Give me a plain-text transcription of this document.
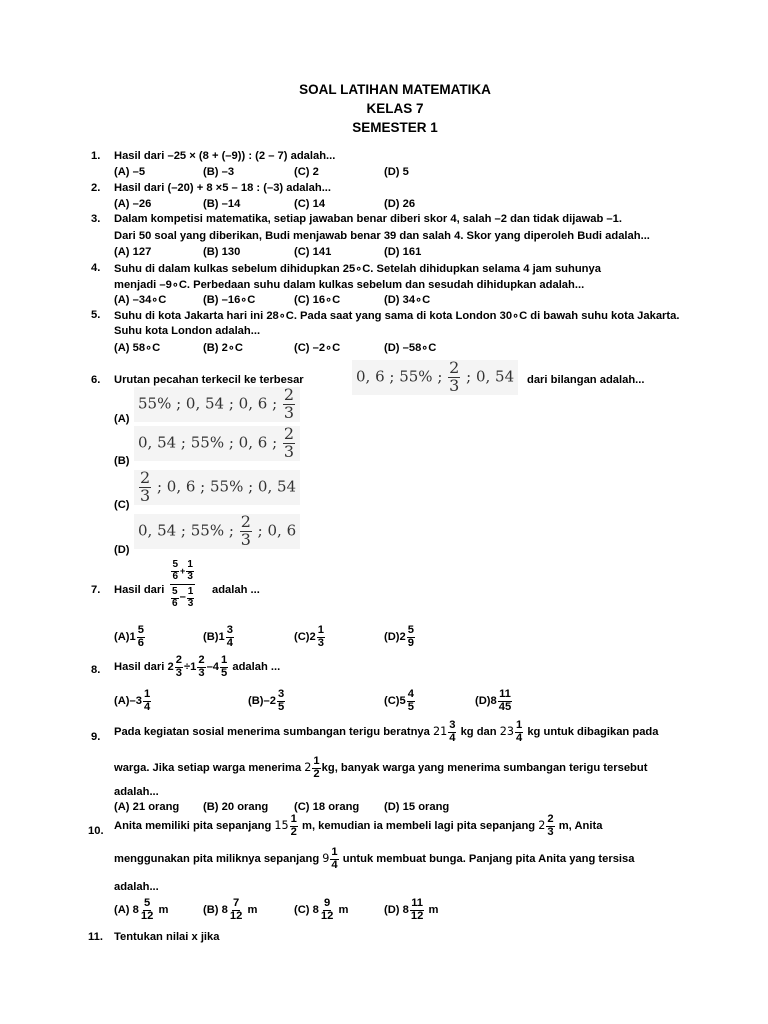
SOAL LATIHAN MATEMATIKA
KELAS 7
SEMESTER 1
1. Hasil dari –25 × (8 + (–9)) : (2 – 7) adalah...
(A) –5	(B) –3	(C) 2	(D) 5
2. Hasil dari (–20) + 8 ×5 – 18 : (–3) adalah...
(A) –26	(B) –14	(C) 14	(D) 26
3. Dalam kompetisi matematika, setiap jawaban benar diberi skor 4, salah –2 dan tidak dijawab –1.
Dari 50 soal yang diberikan, Budi menjawab benar 39 dan salah 4. Skor yang diperoleh Budi adalah...
(A) 127	(B) 130	(C) 141	(D) 161
4. Suhu di dalam kulkas sebelum dihidupkan 25∘C. Setelah dihidupkan selama 4 jam suhunya
menjadi –9∘C. Perbedaan suhu dalam kulkas sebelum dan sesudah dihidupkan adalah...
(A) –34∘C	(B) –16∘C	(C) 16∘C	(D) 34∘C
5. Suhu di kota Jakarta hari ini 28∘C. Pada saat yang sama di kota London 30∘C di bawah suhu kota Jakarta.
Suhu kota London adalah...
(A) 58∘C	(B) 2∘C	(C) –2∘C	(D) –58∘C
6. Urutan pecahan terkecil ke terbesar	0, 6 ; 55% ; $\frac{2}{3}$ ; 0, 54	dari bilangan adalah...
(A)
55% ; 0, 54 ; 0, 6 ; $\frac{2}{3}$
(B)
0, 54 ; 55% ; 0, 6 ; $\frac{2}{3}$
(C)
$\frac{2}{3}$ ; 0, 6 ; 55% ; 0, 54
(D)
0, 54 ; 55% ; $\frac{2}{3}$ ; 0, 6
7. Hasil dari $\frac{\frac{5}{6} + \frac{1}{3}}{\frac{5}{6} - \frac{1}{3}}$ adalah ...
$(A)1 \frac{5}{6}$	$(B)1 \frac{3}{4}$	$(C)2 \frac{1}{3}$	$(D)2 \frac{5}{9}$
8. Hasil dari $2 \frac{2}{3} \div 1 \frac{2}{3} -4 \frac{1}{5}$ adalah ...
$(A)-3 \frac{1}{4}$	$(B)-2 \frac{3}{5}$	$(C)5 \frac{4}{5}$	$(D)8 \frac{11}{45}$
9. Pada kegiatan sosial menerima sumbangan terigu beratnya $21 \frac{3}{4}$ kg dan $23 \frac{1}{4}$ kg untuk dibagikan pada
warga. Jika setiap warga menerima $2 \frac{1}{2}$ kg, banyak warga yang menerima sumbangan terigu tersebut
adalah...
(A) 21 orang (B) 20 orang (C) 18 orang (D) 15 orang
10. Anita memiliki pita sepanjang $15 \frac{1}{2} m$, kemudian ia membeli lagi pita sepanjang $2 \frac{2}{3} m$, Anita
menggunakan pita miliknya sepanjang $9 \frac{1}{4}$ untuk membuat bunga. Panjang pita Anita yang tersisa
adalah...
(A) $8 \frac{5}{12}$ m	(B) $8 \frac{7}{12}$ m	(C) $8 \frac{9}{12}$ m	(D) $8 \frac{11}{12}$ m
11. Tentukan nilai x jika
